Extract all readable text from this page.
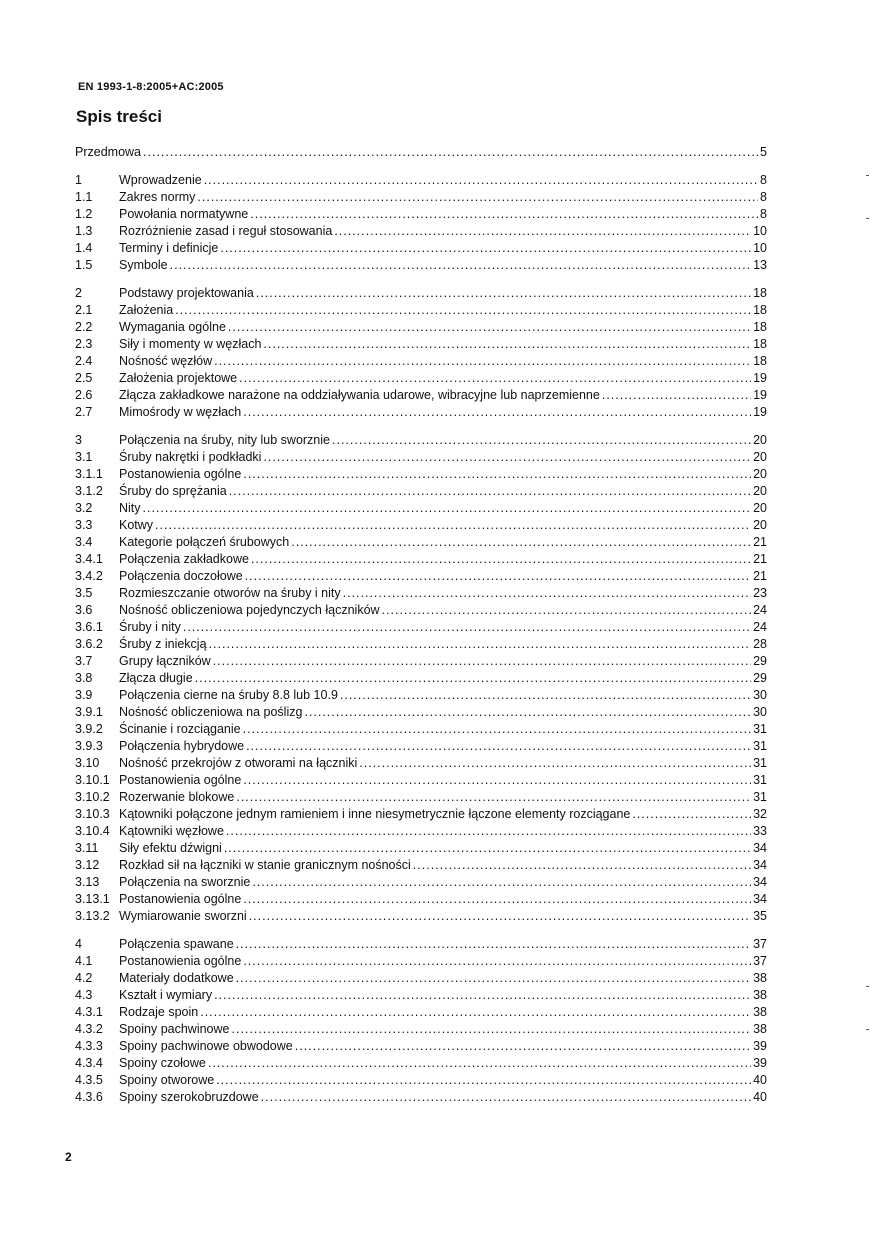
EN 1993-1-8:2005+AC:2005
Spis treści
Przedmowa .....	5
1	Wprowadzenie .....	8
1.1	Zakres normy .....	8
1.2	Powołania normatywne .....	8
1.3	Rozróżnienie zasad i reguł stosowania .....	10
1.4	Terminy i definicje .....	10
1.5	Symbole .....	13
2	Podstawy projektowania .....	18
2.1	Założenia .....	18
2.2	Wymagania ogólne .....	18
2.3	Siły i momenty w węzłach .....	18
2.4	Nośność węzłów .....	18
2.5	Założenia projektowe .....	19
2.6	Złącza zakładkowe narażone na oddziaływania udarowe, wibracyjne lub naprzemienne .....	19
2.7	Mimośrody w węzłach .....	19
3	Połączenia na śruby, nity lub sworznie .....	20
3.1	Śruby nakrętki i podkładki .....	20
3.1.1	Postanowienia ogólne .....	20
3.1.2	Śruby do sprężania .....	20
3.2	Nity .....	20
3.3	Kotwy .....	20
3.4	Kategorie połączeń śrubowych .....	21
3.4.1	Połączenia zakładkowe .....	21
3.4.2	Połączenia doczołowe .....	21
3.5	Rozmieszczanie otworów na śruby i nity .....	23
3.6	Nośność obliczeniowa pojedynczych łączników .....	24
3.6.1	Śruby i nity .....	24
3.6.2	Śruby z iniekcją .....	28
3.7	Grupy łączników .....	29
3.8	Złącza długie .....	29
3.9	Połączenia cierne na śruby 8.8 lub 10.9 .....	30
3.9.1	Nośność obliczeniowa na poślizg .....	30
3.9.2	Ścinanie i rozciąganie .....	31
3.9.3	Połączenia hybrydowe .....	31
3.10	Nośność przekrojów z otworami na łączniki .....	31
3.10.1 Postanowienia ogólne .....	31
3.10.2 Rozerwanie blokowe .....	31
3.10.3 Kątowniki połączone jednym ramieniem i inne niesymetrycznie łączone elementy rozciągane .....	32
3.10.4 Kątowniki węzłowe .....	33
3.11	Siły efektu dźwigni .....	34
3.12	Rozkład sił na łączniki w stanie granicznym nośności .....	34
3.13	Połączenia na sworznie .....	34
3.13.1 Postanowienia ogólne .....	34
3.13.2 Wymiarowanie sworzni .....	35
4	Połączenia spawane .....	37
4.1	Postanowienia ogólne .....	37
4.2	Materiały dodatkowe .....	38
4.3	Kształt i wymiary .....	38
4.3.1	Rodzaje spoin .....	38
4.3.2	Spoiny pachwinowe .....	38
4.3.3	Spoiny pachwinowe obwodowe .....	39
4.3.4	Spoiny czołowe .....	39
4.3.5	Spoiny otworowe .....	40
4.3.6	Spoiny szerokobruzdowe .....	40
2
